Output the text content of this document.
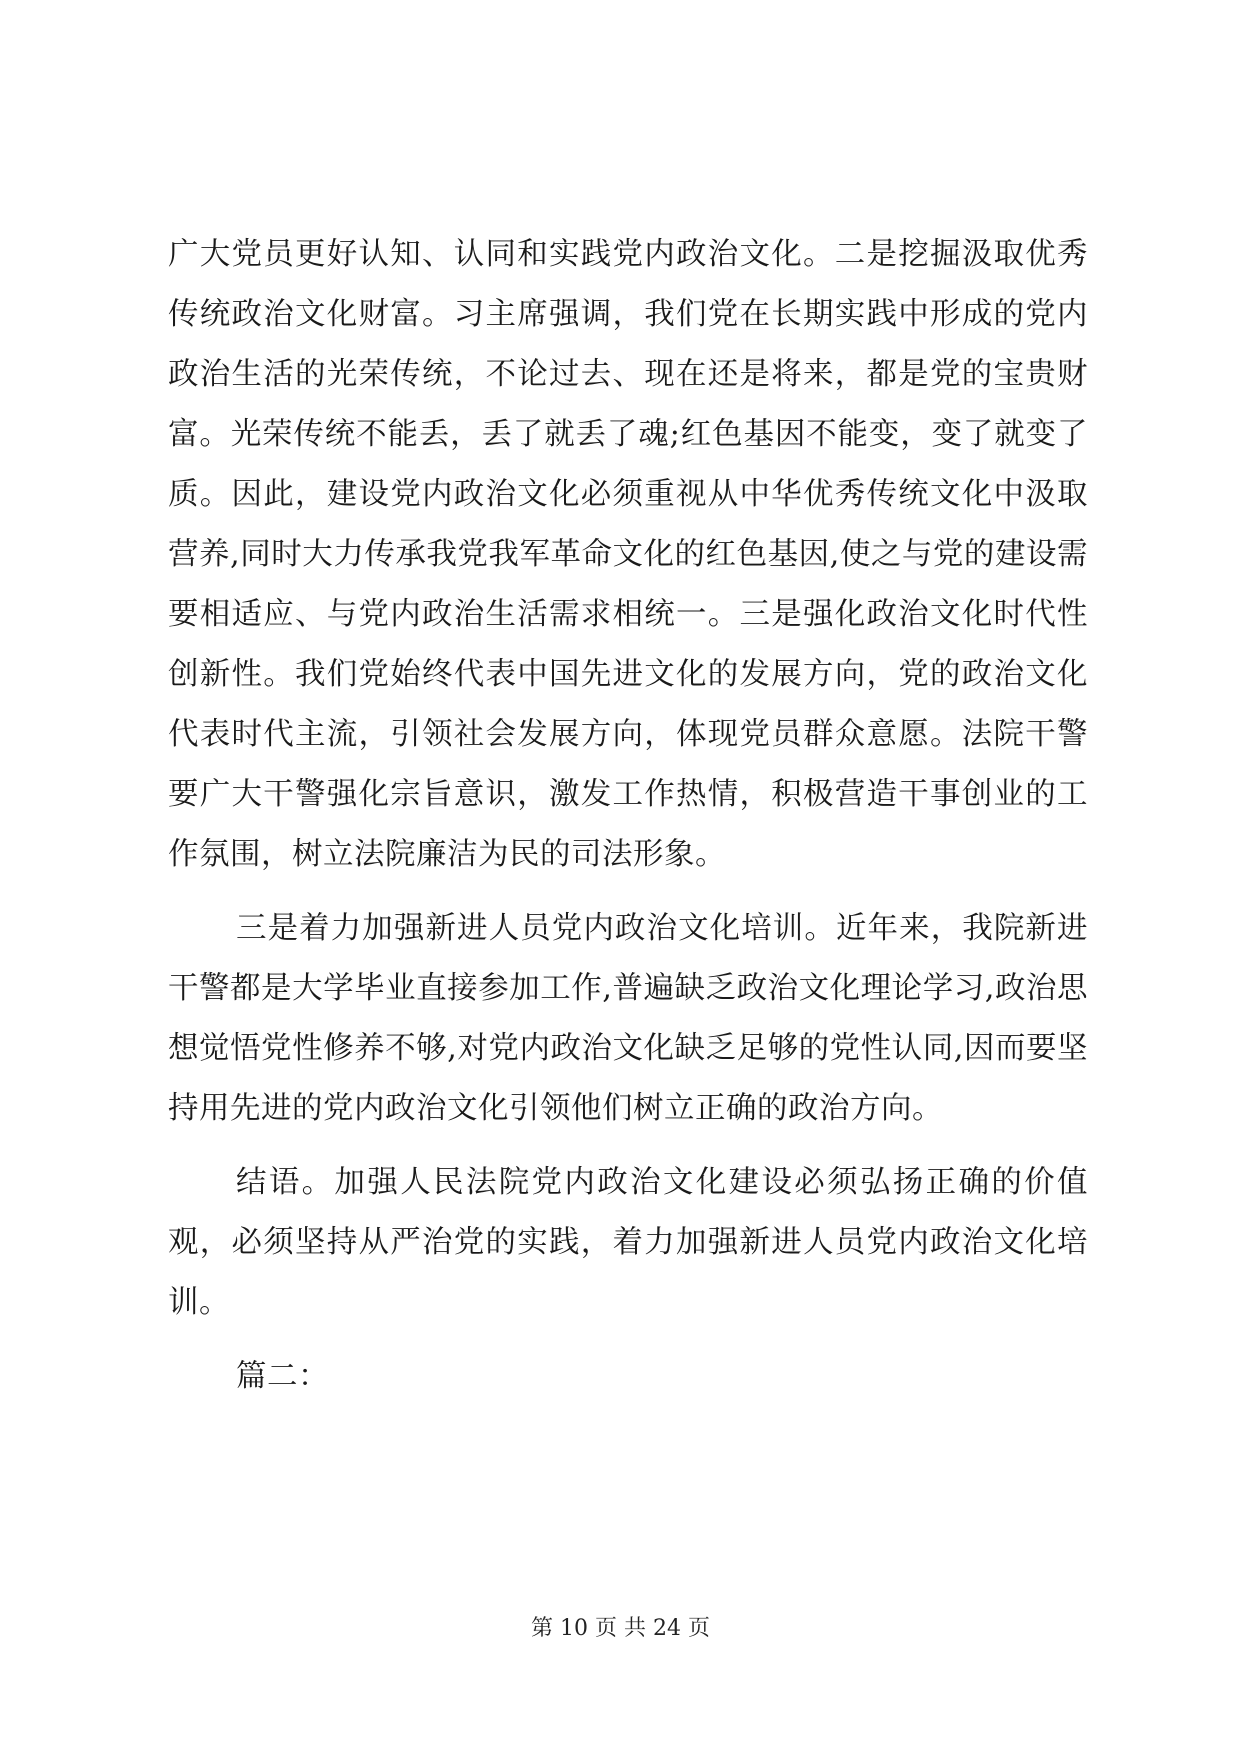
广大党员更好认知、认同和实践党内政治文化。二是挖掘汲取优秀传统政治文化财富。习主席强调，我们党在长期实践中形成的党内政治生活的光荣传统，不论过去、现在还是将来，都是党的宝贵财富。光荣传统不能丢，丢了就丢了魂;红色基因不能变，变了就变了质。因此，建设党内政治文化必须重视从中华优秀传统文化中汲取营养,同时大力传承我党我军革命文化的红色基因,使之与党的建设需要相适应、与党内政治生活需求相统一。三是强化政治文化时代性创新性。我们党始终代表中国先进文化的发展方向，党的政治文化代表时代主流，引领社会发展方向，体现党员群众意愿。法院干警要广大干警强化宗旨意识，激发工作热情，积极营造干事创业的工作氛围，树立法院廉洁为民的司法形象。

三是着力加强新进人员党内政治文化培训。近年来，我院新进干警都是大学毕业直接参加工作,普遍缺乏政治文化理论学习,政治思想觉悟党性修养不够,对党内政治文化缺乏足够的党性认同,因而要坚持用先进的党内政治文化引领他们树立正确的政治方向。

结语。加强人民法院党内政治文化建设必须弘扬正确的价值观，必须坚持从严治党的实践，着力加强新进人员党内政治文化培训。

篇二：

第 10 页 共 24 页
